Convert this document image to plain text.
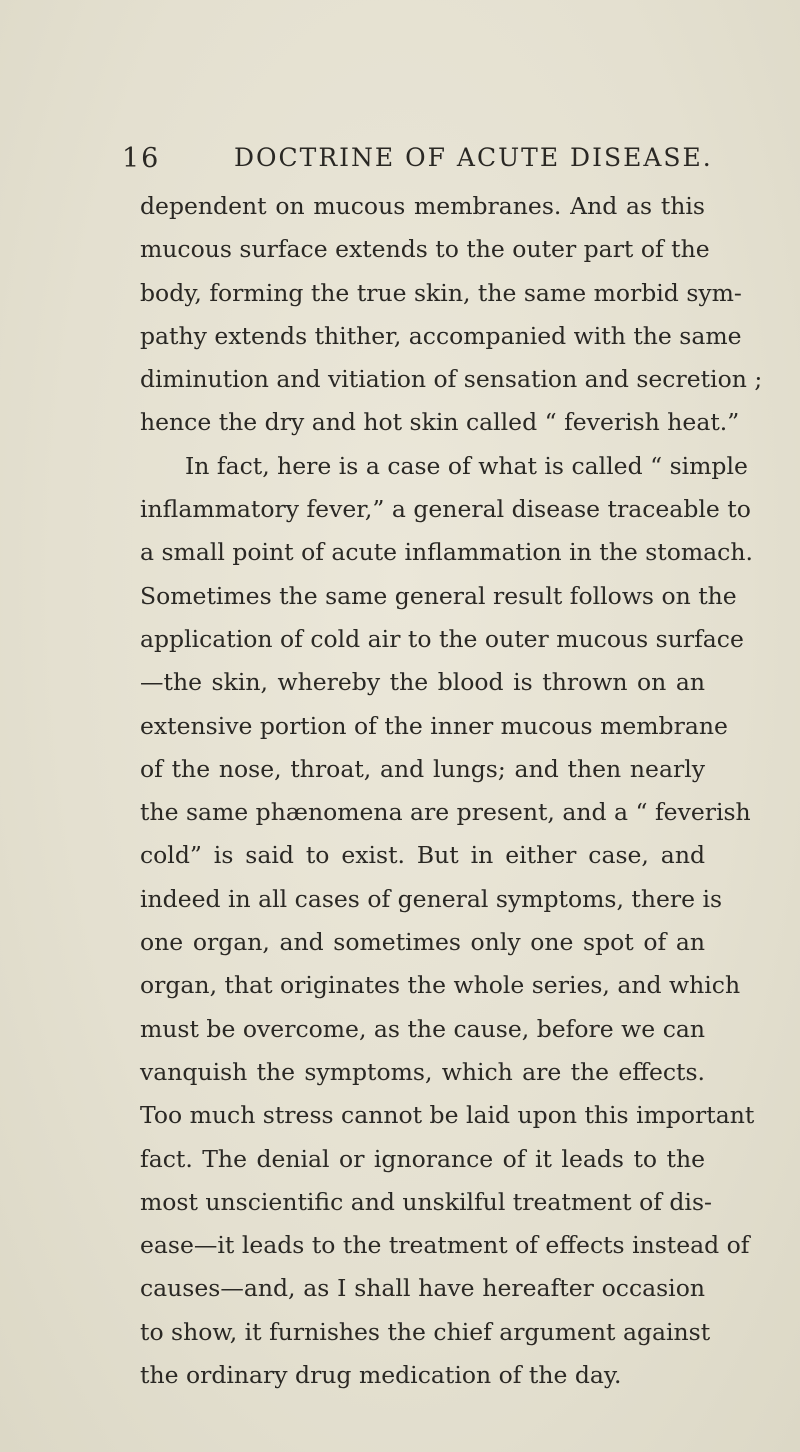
16	DOCTRINE OF ACUTE DISEASE.
dependent on mucous membranes. And as this
mucous surface extends to the outer part of the
body, forming the true skin, the same morbid sym-
pathy extends thither, accompanied with the same
diminution and vitiation of sensation and secretion ;
hence the dry and hot skin called “ feverish heat.”
In fact, here is a case of what is called “ simple
inflammatory fever,” a general disease traceable to
a small point of acute inflammation in the stomach.
Sometimes the same general result follows on the
application of cold air to the outer mucous surface
—the skin, whereby the blood is thrown on an
extensive portion of the inner mucous membrane
of the nose, throat, and lungs; and then nearly
the same phænomena are present, and a “ feverish
cold” is said to exist. But in either case, and
indeed in all cases of general symptoms, there is
one organ, and sometimes only one spot of an
organ, that originates the whole series, and which
must be overcome, as the cause, before we can
vanquish the symptoms, which are the effects.
Too much stress cannot be laid upon this important
fact. The denial or ignorance of it leads to the
most unscientific and unskilful treatment of dis-
ease—it leads to the treatment of effects instead of
causes—and, as I shall have hereafter occasion
to show, it furnishes the chief argument against
the ordinary drug medication of the day.
